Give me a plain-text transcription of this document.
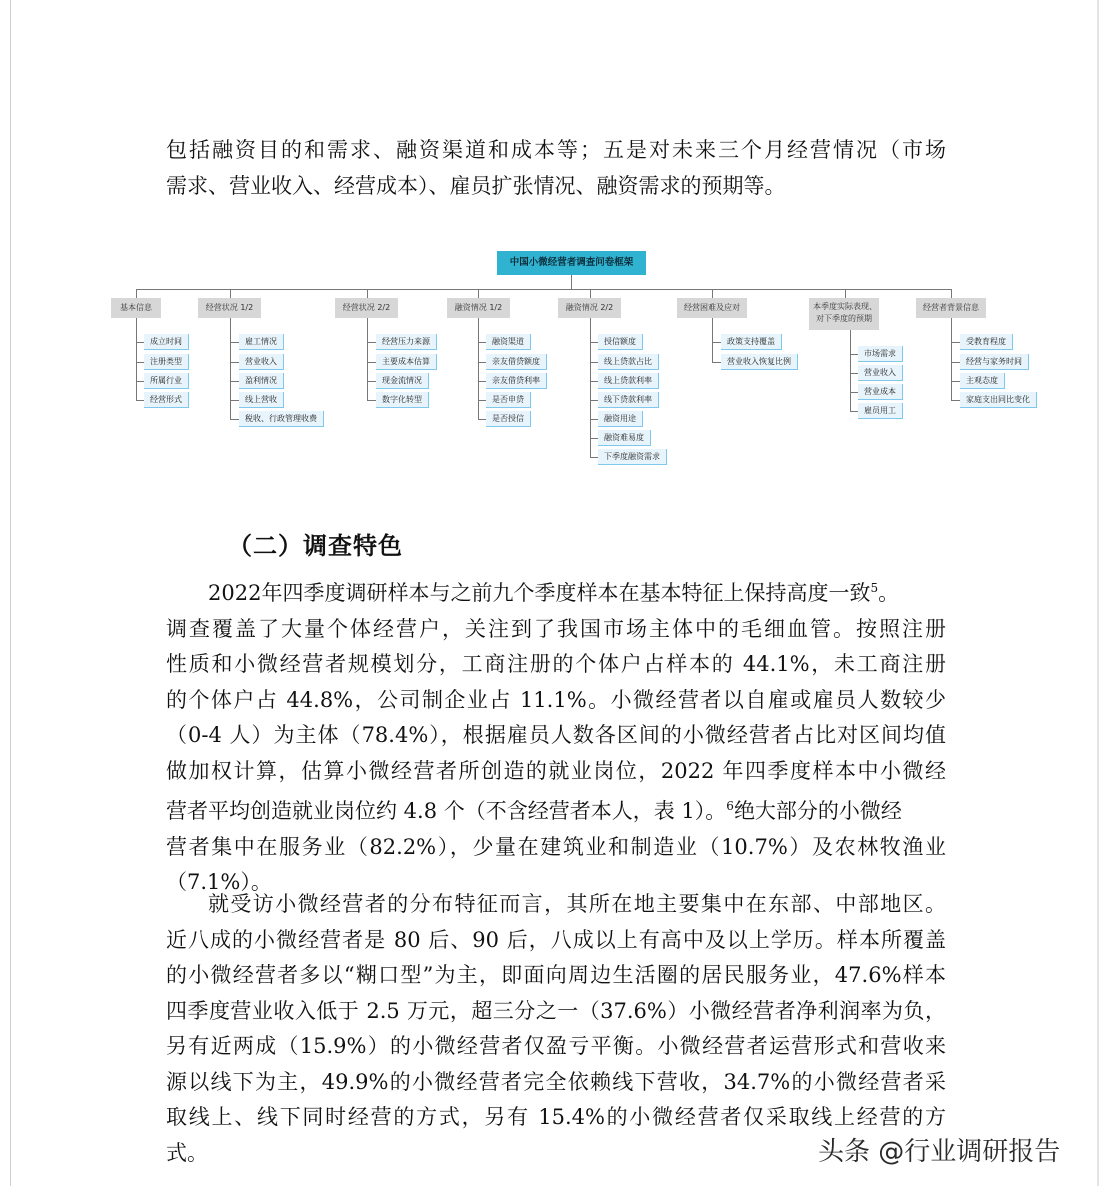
包括融资目的和需求、融资渠道和成本等；五是对未来三个月经营情况（市场
需求、营业收入、经营成本）、雇员扩张情况、融资需求的预期等。
中国小微经营者调查问卷框架
基本信息
成立时间
注册类型
所属行业
经营形式
经营状况 1/2
雇工情况
营业收入
盈利情况
线上营收
税收、行政管理收费
经营状况 2/2
经营压力来源
主要成本估算
现金流情况
数字化转型
融资情况 1/2
融资渠道
亲友借贷额度
亲友借贷利率
是否申贷
是否授信
融资情况 2/2
授信额度
线上贷款占比
线上贷款利率
线下贷款利率
融资用途
融资难易度
下季度融资需求
经营困难及应对
政策支持覆盖
营业收入恢复比例
本季度实际表现、
对下季度的预期
市场需求
营业收入
营业成本
雇员用工
经营者背景信息
受教育程度
经营与家务时间
主观态度
家庭支出同比变化
（二）调查特色
2022年四季度调研样本与之前九个季度样本在基本特征上保持高度一致$^5$。
调查覆盖了大量个体经营户，关注到了我国市场主体中的毛细血管。按照注册
性质和小微经营者规模划分，工商注册的个体户占样本的 44.1%，未工商注册
的个体户占 44.8%，公司制企业占 11.1%。小微经营者以自雇或雇员人数较少
（0-4 人）为主体（78.4%），根据雇员人数各区间的小微经营者占比对区间均值
做加权计算，估算小微经营者所创造的就业岗位，2022 年四季度样本中小微经
营者平均创造就业岗位约 4.8 个（不含经营者本人，表 1）。$^6$绝大部分的小微经
营者集中在服务业（82.2%），少量在建筑业和制造业（10.7%）及农林牧渔业
（7.1%）。
就受访小微经营者的分布特征而言，其所在地主要集中在东部、中部地区。
近八成的小微经营者是 80 后、90 后，八成以上有高中及以上学历。样本所覆盖
的小微经营者多以“糊口型”为主，即面向周边生活圈的居民服务业，47.6%样本
四季度营业收入低于 2.5 万元，超三分之一（37.6%）小微经营者净利润率为负，
另有近两成（15.9%）的小微经营者仅盈亏平衡。小微经营者运营形式和营收来
源以线下为主，49.9%的小微经营者完全依赖线下营收，34.7%的小微经营者采
取线上、线下同时经营的方式，另有 15.4%的小微经营者仅采取线上经营的方
式。	头条 @行业调研报告
